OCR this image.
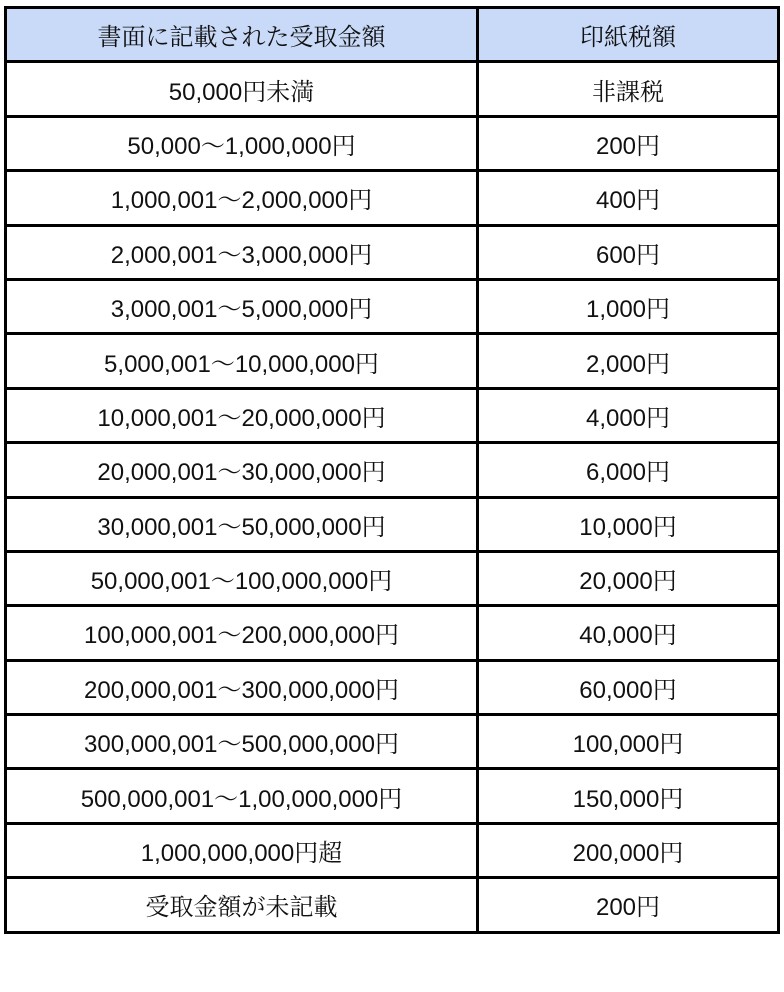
書面に記載された受取金額	印紙税額
50,000円未満	非課税
50,000〜1,000,000円	200円
1,000,001〜2,000,000円	400円
2,000,001〜3,000,000円	600円
3,000,001〜5,000,000円	1,000円
5,000,001〜10,000,000円	2,000円
10,000,001〜20,000,000円	4,000円
20,000,001〜30,000,000円	6,000円
30,000,001〜50,000,000円	10,000円
50,000,001〜100,000,000円	20,000円
100,000,001〜200,000,000円	40,000円
200,000,001〜300,000,000円	60,000円
300,000,001〜500,000,000円	100,000円
500,000,001〜1,00,000,000円	150,000円
1,000,000,000円超	200,000円
受取金額が未記載	200円
